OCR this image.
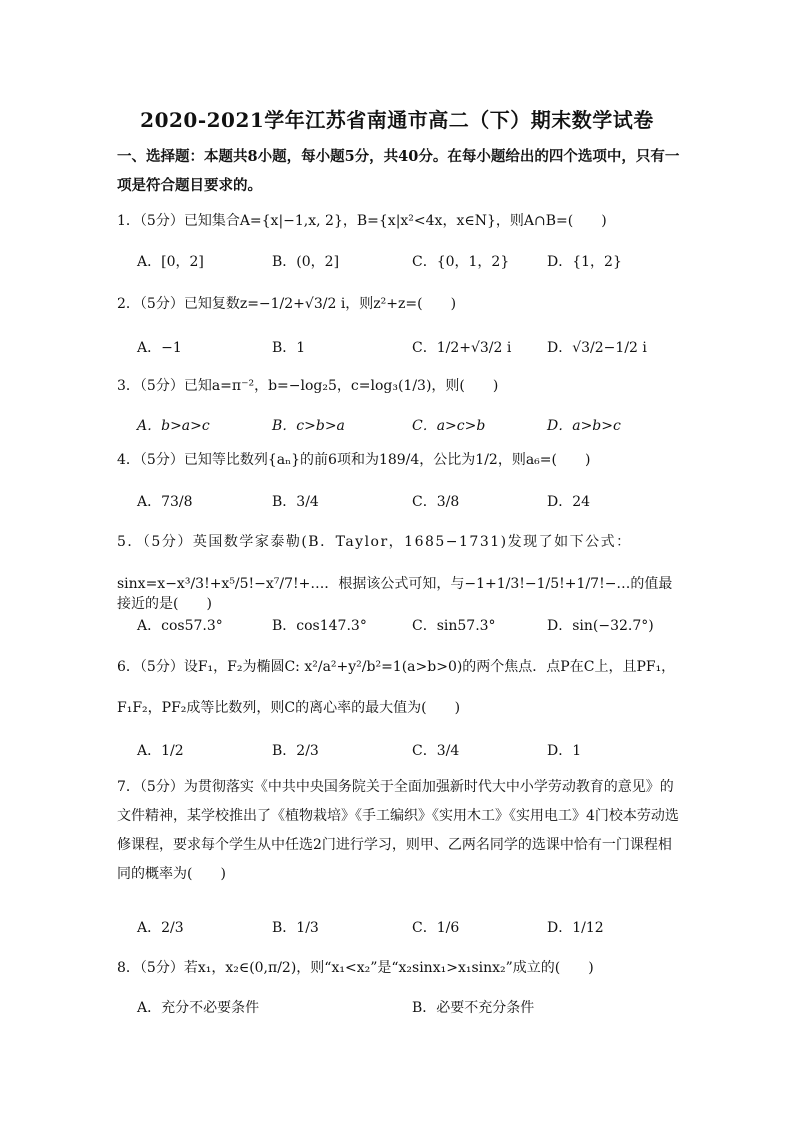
2020-2021学年江苏省南通市高二（下）期末数学试卷
一、选择题：本题共8小题，每小题5分，共40分。在每小题给出的四个选项中，只有一项是符合题目要求的。
1．（5分）已知集合A={x|−1,x, 2}，B={x|x²<4x，x∈N}，则A∩B=(　　)
A．[0，2]	B．(0，2]	C．{0，1，2}	D．{1，2}
2．（5分）已知复数z=−1/2+√3/2 i，则z²+z=(　　)
A．−1	B．1	C．1/2+√3/2 i	D．√3/2−1/2 i
3．（5分）已知a=π⁻²，b=−log₂5，c=log₃(1/3)，则(　　)
A．b>a>c	B．c>b>a	C．a>c>b	D．a>b>c
4．（5分）已知等比数列{aₙ}的前6项和为189/4，公比为1/2，则a₆=(　　)
A．73/8	B．3/4	C．3/8	D．24
5．（5分）英国数学家泰勒(B．Taylor，1685−1731)发现了如下公式：
sinx=x−x³/3!+x⁵/5!−x⁷/7!+…．根据该公式可知，与−1+1/3!−1/5!+1/7!−…的值最接近的是(　　)
A．cos57.3°	B．cos147.3°	C．sin57.3°	D．sin(−32.7°)
6．（5分）设F₁，F₂为椭圆C: x²/a²+y²/b²=1(a>b>0)的两个焦点．点P在C上，且PF₁，
F₁F₂，PF₂成等比数列，则C的离心率的最大值为(　　)
A．1/2	B．2/3	C．3/4	D．1
7．（5分）为贯彻落实《中共中央国务院关于全面加强新时代大中小学劳动教育的意见》的文件精神，某学校推出了《植物栽培》《手工编织》《实用木工》《实用电工》4门校本劳动选修课程，要求每个学生从中任选2门进行学习，则甲、乙两名同学的选课中恰有一门课程相同的概率为(　　)
A．2/3	B．1/3	C．1/6	D．1/12
8．（5分）若x₁，x₂∈(0,π/2)，则“x₁<x₂”是“x₂sinx₁>x₁sinx₂”成立的(　　)
A．充分不必要条件	B．必要不充分条件
